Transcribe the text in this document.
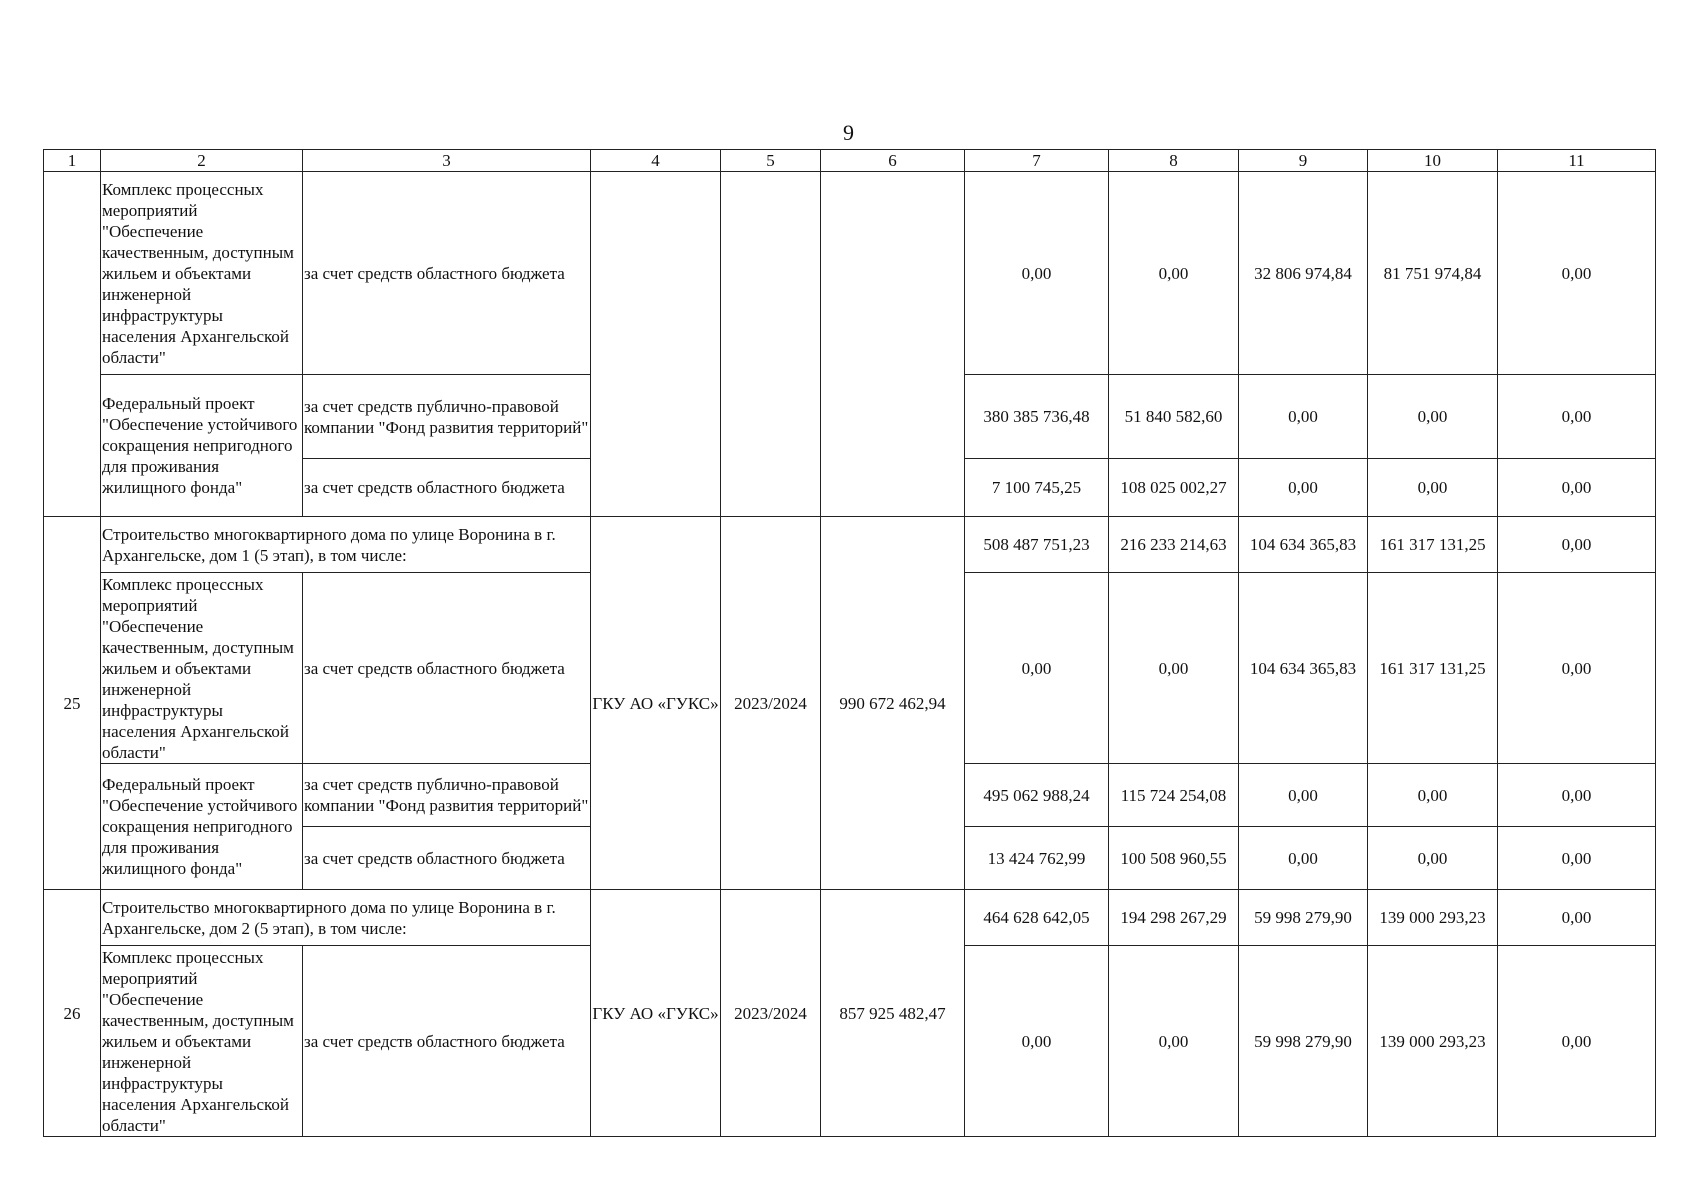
9
1	2	3	4	5	6	7	8	9	10	11
	Комплекс процессных мероприятий "Обеспечение качественным, доступным жильем и объектами инженерной инфраструктуры населения Архангельской области"	за счет средств областного бюджета				0,00	0,00	32 806 974,84	81 751 974,84	0,00
	Федеральный проект "Обеспечение устойчивого сокращения непригодного для проживания жилищного фонда"	за счет средств публично-правовой компании "Фонд развития территорий"				380 385 736,48	51 840 582,60	0,00	0,00	0,00
		за счет средств областного бюджета				7 100 745,25	108 025 002,27	0,00	0,00	0,00
25	Строительство многоквартирного дома по улице Воронина в г. Архангельске, дом 1 (5 этап), в том числе:		ГКУ АО «ГУКС»	2023/2024	990 672 462,94	508 487 751,23	216 233 214,63	104 634 365,83	161 317 131,25	0,00
	Комплекс процессных мероприятий "Обеспечение качественным, доступным жильем и объектами инженерной инфраструктуры населения Архангельской области"	за счет средств областного бюджета				0,00	0,00	104 634 365,83	161 317 131,25	0,00
	Федеральный проект "Обеспечение устойчивого сокращения непригодного для проживания жилищного фонда"	за счет средств публично-правовой компании "Фонд развития территорий"				495 062 988,24	115 724 254,08	0,00	0,00	0,00
		за счет средств областного бюджета				13 424 762,99	100 508 960,55	0,00	0,00	0,00
26	Строительство многоквартирного дома по улице Воронина в г. Архангельске, дом 2 (5 этап), в том числе:		ГКУ АО «ГУКС»	2023/2024	857 925 482,47	464 628 642,05	194 298 267,29	59 998 279,90	139 000 293,23	0,00
	Комплекс процессных мероприятий "Обеспечение качественным, доступным жильем и объектами инженерной инфраструктуры населения Архангельской области"	за счет средств областного бюджета				0,00	0,00	59 998 279,90	139 000 293,23	0,00
